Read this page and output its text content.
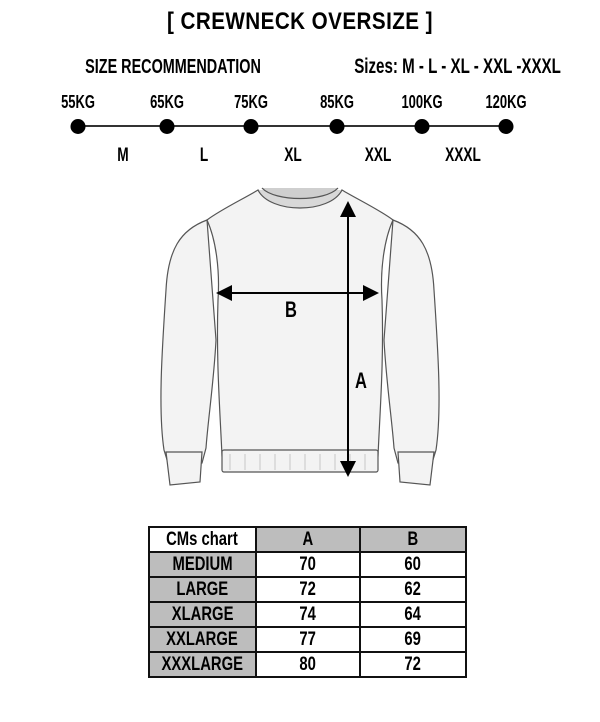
[ CREWNECK OVERSIZE ]
SIZE RECOMMENDATION	Sizes: M - L - XL - XXL -XXXL
55KG	65KG	75KG	85KG	100KG 120KG
M	L	XL	XXL	XXXL
B
A
CMs chart	A	B
MEDIUM	70	60
LARGE	72	62
XLARGE	74	64
XXLARGE	77	69
XXXLARGE	80	72
